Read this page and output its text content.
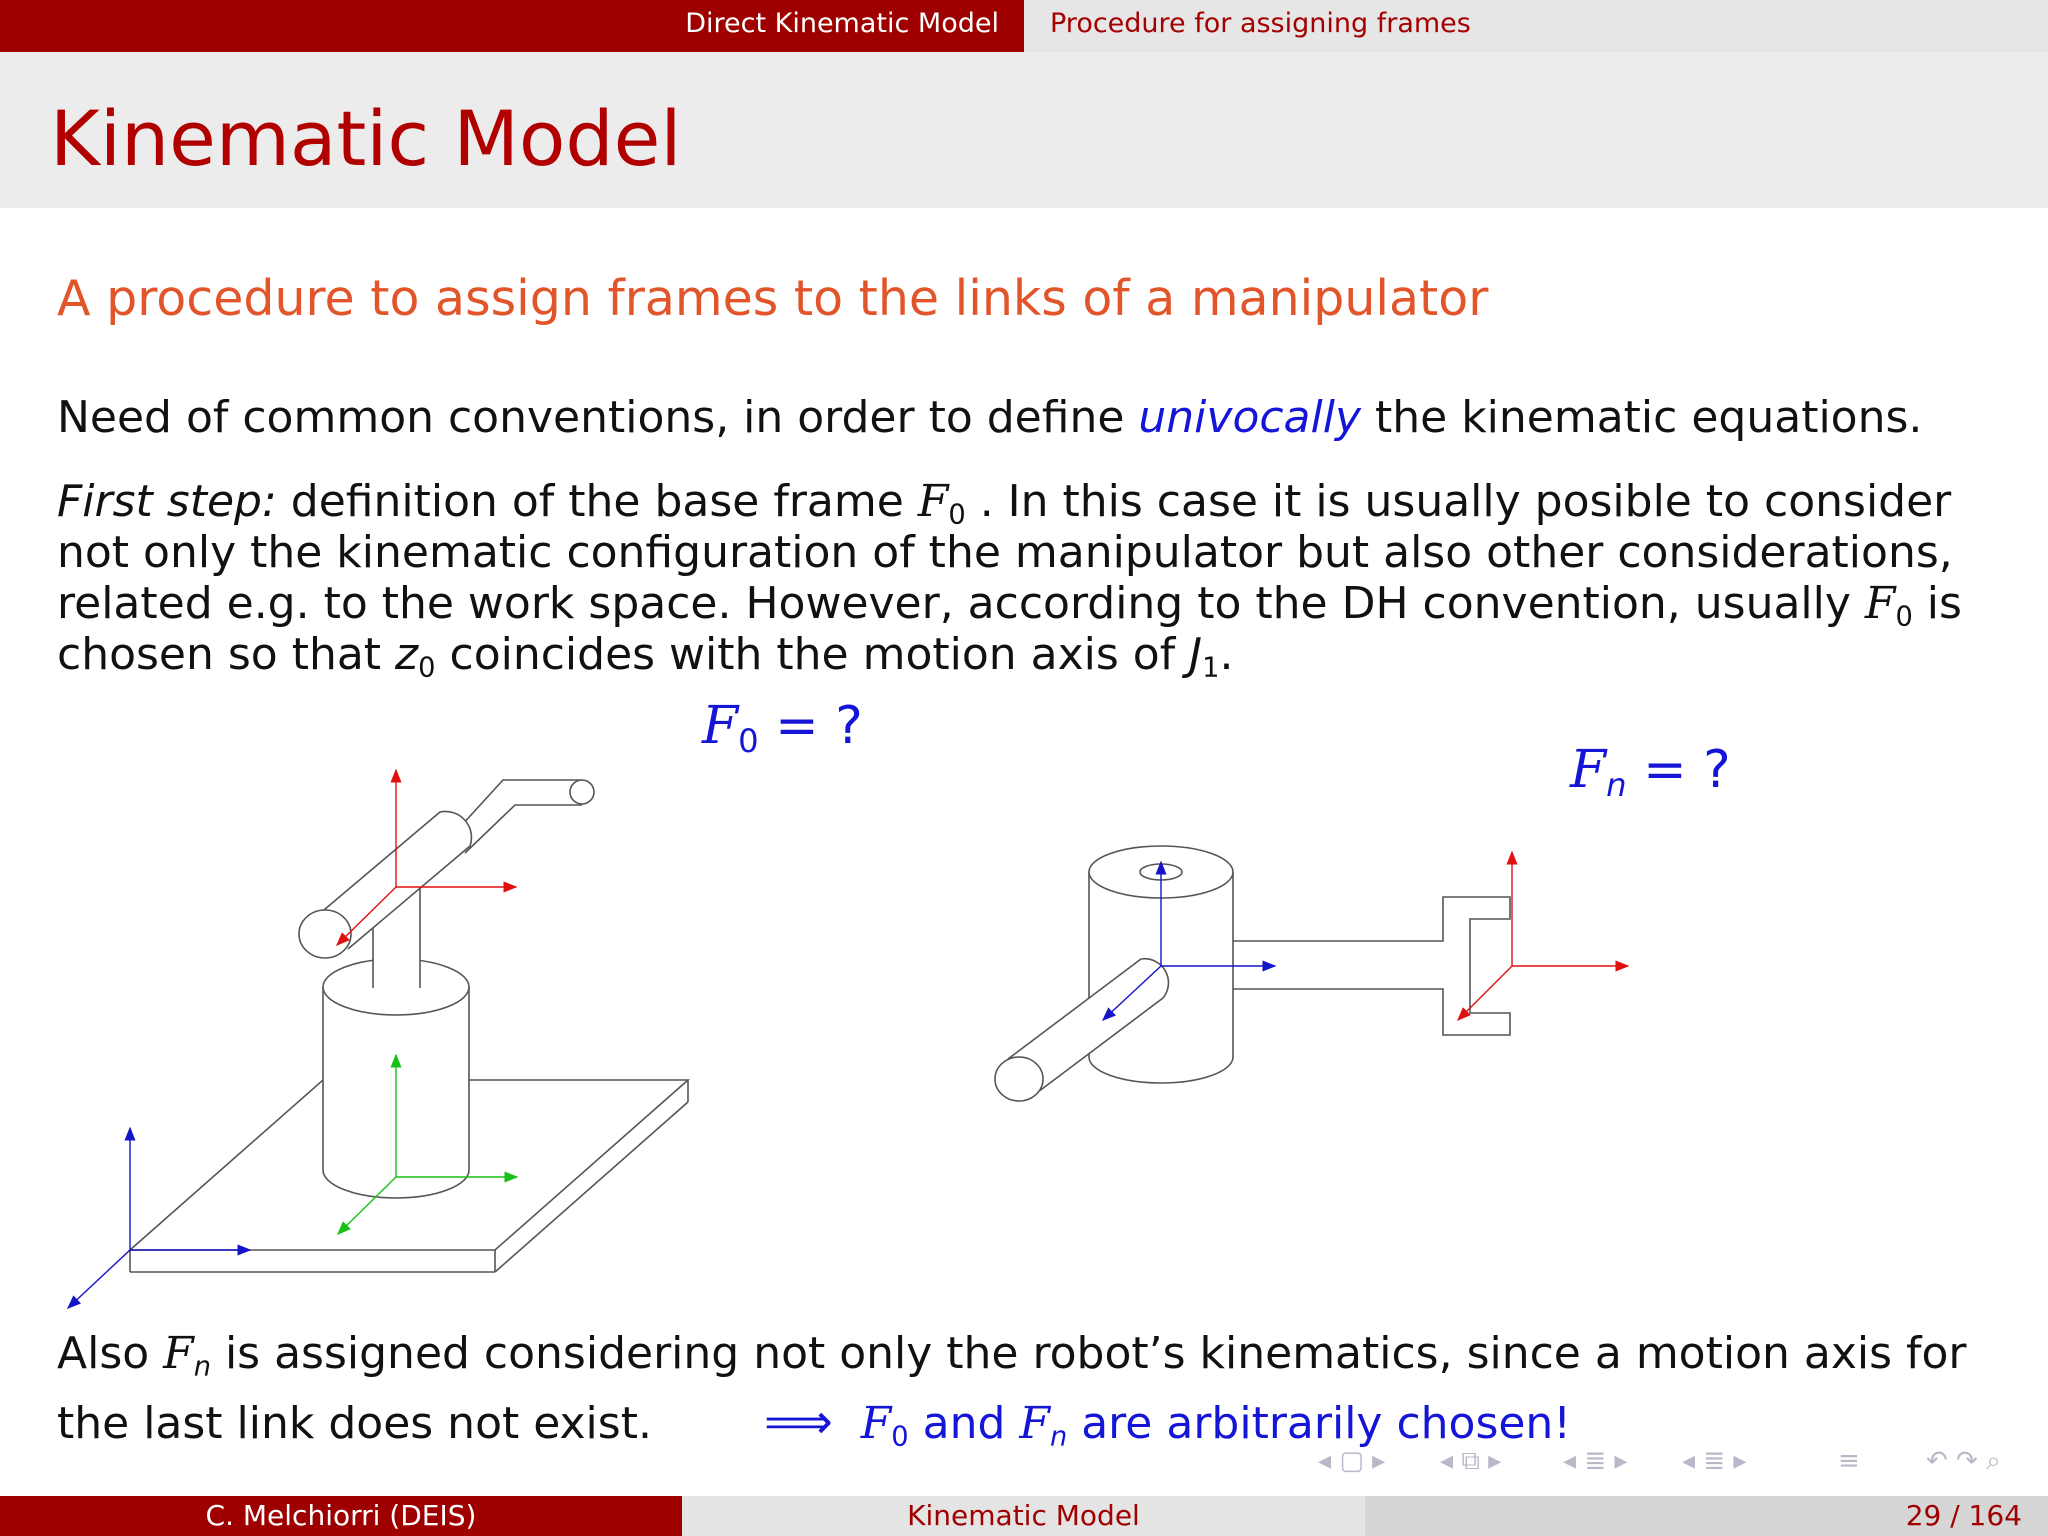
Direct Kinematic Model	Procedure for assigning frames
Kinematic Model
A procedure to assign frames to the links of a manipulator
Need of common conventions, in order to define univocally the kinematic equations.
First step: definition of the base frame $F_0$ . In this case it is usually posible to consider
not only the kinematic configuration of the manipulator but also other considerations,
related e.g. to the work space. However, according to the DH convention, usually $F_0$ is
chosen so that $z_0$ coincides with the motion axis of $J_1$.
$F_0$ = ?
$F_n$ = ?
Also $F_n$ is assigned considering not only the robot’s kinematics, since a motion axis for
the last link does not exist. ⟹ $F_0$ and $F_n$ are arbitrarily chosen!
◂ ▢ ▸ ◂ ⧉ ▸ ◂ ≣ ▸ ◂ ≣ ▸	≡	↶ ↷ ⌕
C. Melchiorri (DEIS)	Kinematic Model	29 / 164
